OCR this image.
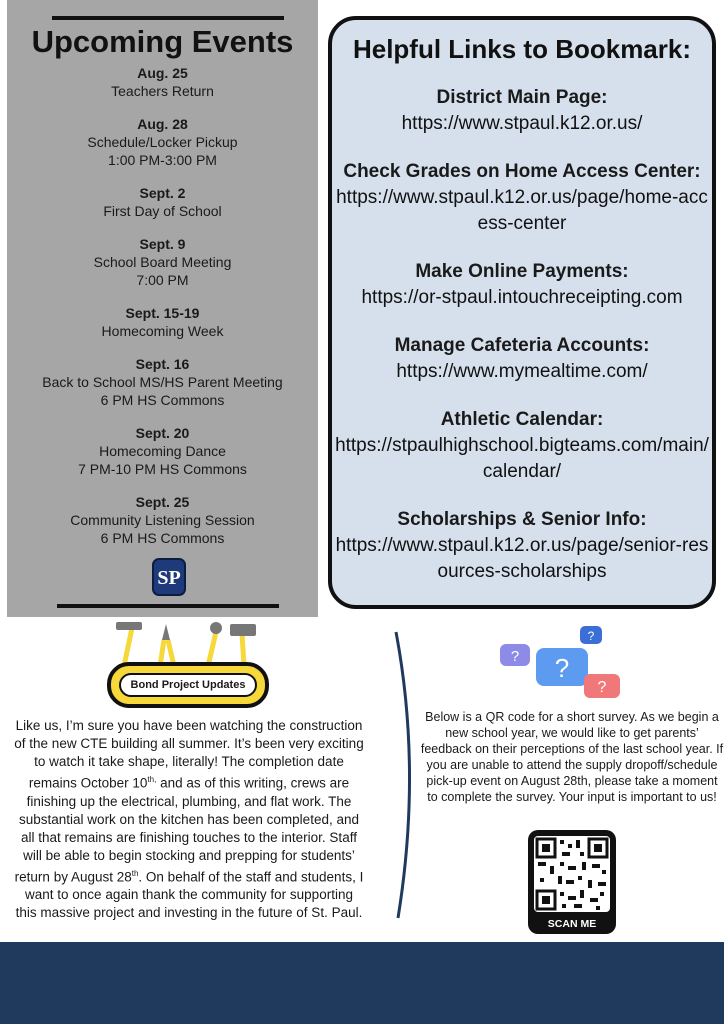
Upcoming Events
Aug. 25
Teachers Return
Aug. 28
Schedule/Locker Pickup
1:00 PM-3:00 PM
Sept. 2
First Day of School
Sept. 9
School Board Meeting
7:00 PM
Sept. 15-19
Homecoming Week
Sept. 16
Back to School MS/HS Parent Meeting
6 PM HS Commons
Sept. 20
Homecoming Dance
7 PM-10 PM HS Commons
Sept. 25
Community Listening Session
6 PM HS Commons
SP
Helpful Links to Bookmark:
District Main Page:
https://www.stpaul.k12.or.us/
Check Grades on Home Access Center:
https://www.stpaul.k12.or.us/page/home-access-center
Make Online Payments:
https://or-stpaul.intouchreceipting.com
Manage Cafeteria Accounts:
https://www.mymealtime.com/
Athletic Calendar:
https://stpaulhighschool.bigteams.com/main/calendar/
Scholarships & Senior Info:
https://www.stpaul.k12.or.us/page/senior-resources-scholarships
Bond Project Updates
Like us, I’m sure you have been watching the construction of the new CTE building all summer. It’s been very exciting to watch it take shape, literally! The completion date remains October $10^{th,}$ and as of this writing, crews are finishing up the electrical, plumbing, and flat work. The substantial work on the kitchen has been completed, and all that remains are finishing touches to the interior. Staff will be able to begin stocking and prepping for students’ return by August 28th. On behalf of the staff and students, I want to once again thank the community for supporting this massive project and investing in the future of St. Paul.
? ?
?
?
Below is a QR code for a short survey. As we begin a new school year, we would like to get parents’ feedback on their perceptions of the last school year. If you are unable to attend the supply dropoff/schedule pick-up event on August 28th, please take a moment to complete the survey. Your input is important to us!
SCAN ME
